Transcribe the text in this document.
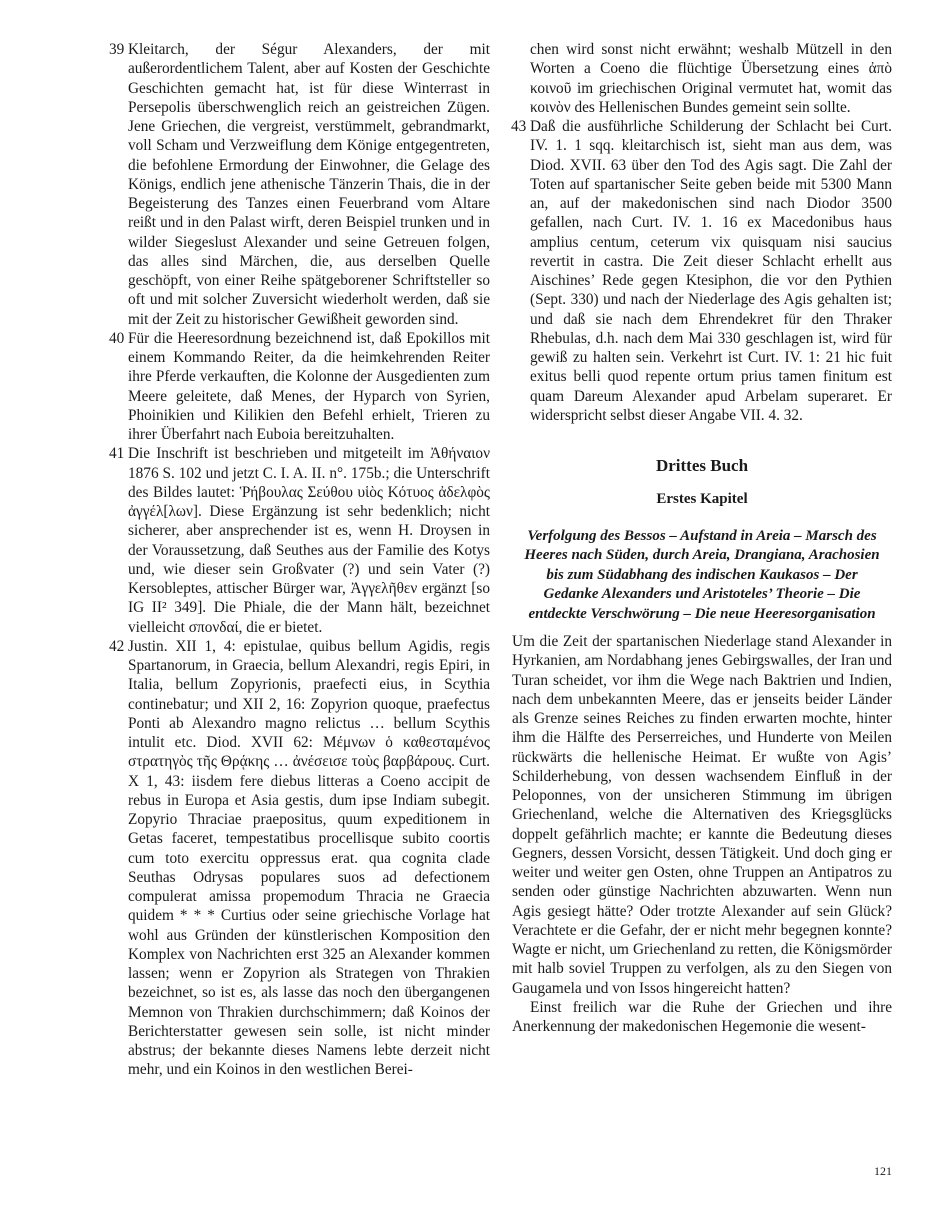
39 Kleitarch, der Ségur Alexanders, der mit außerordentlichem Talent, aber auf Kosten der Geschichte Geschichten gemacht hat, ist für diese Winterrast in Persepolis überschwenglich reich an geistreichen Zügen. Jene Griechen, die vergreist, verstümmelt, gebrandmarkt, voll Scham und Verzweiflung dem Könige entgegentreten, die befohlene Ermordung der Einwohner, die Gelage des Königs, endlich jene athenische Tänzerin Thais, die in der Begeisterung des Tanzes einen Feuerbrand vom Altare reißt und in den Palast wirft, deren Beispiel trunken und in wilder Siegeslust Alexander und seine Getreuen folgen, das alles sind Märchen, die, aus derselben Quelle geschöpft, von einer Reihe spätgeborener Schriftsteller so oft und mit solcher Zuversicht wiederholt werden, daß sie mit der Zeit zu historischer Gewißheit geworden sind.

40 Für die Heeresordnung bezeichnend ist, daß Epokillos mit einem Kommando Reiter, da die heimkehrenden Reiter ihre Pferde verkauften, die Kolonne der Ausgedienten zum Meere geleitete, daß Menes, der Hyparch von Syrien, Phoinikien und Kilikien den Befehl erhielt, Trieren zu ihrer Überfahrt nach Euboia bereitzuhalten.

41 Die Inschrift ist beschrieben und mitgeteilt im Ἀθήναιον 1876 S. 102 und jetzt C. I. A. II. n°. 175b.; die Unterschrift des Bildes lautet: Ῥήβουλας Σεύθου υἱὸς Κότυος ἀδελφὸς ἀγγέλ[λων]. Diese Ergänzung ist sehr bedenklich; nicht sicherer, aber ansprechender ist es, wenn H. Droysen in der Voraussetzung, daß Seuthes aus der Familie des Kotys und, wie dieser sein Großvater (?) und sein Vater (?) Kersobleptes, attischer Bürger war, Ἀγγελῆθεν ergänzt [so IG II² 349]. Die Phiale, die der Mann hält, bezeichnet vielleicht σπονδαί, die er bietet.

42 Justin. XII 1, 4: epistulae, quibus bellum Agidis, regis Spartanorum, in Graecia, bellum Alexandri, regis Epiri, in Italia, bellum Zopyrionis, praefecti eius, in Scythia continebatur; und XII 2, 16: Zopyrion quoque, praefectus Ponti ab Alexandro magno relictus … bellum Scythis intulit etc. Diod. XVII 62: Μέμνων ὁ καθεσταμένος στρατηγὸς τῆς Θρᾴκης … ἀνέσεισε τοὺς βαρβάρους. Curt. X 1, 43: iisdem fere diebus litteras a Coeno accipit de rebus in Europa et Asia gestis, dum ipse Indiam subegit. Zopyrio Thraciae praepositus, quum expeditionem in Getas faceret, tempestatibus procellisque subito coortis cum toto exercitu oppressus erat. qua cognita clade Seuthas Odrysas populares suos ad defectionem compulerat amissa propemodum Thracia ne Graecia quidem * * * Curtius oder seine griechische Vorlage hat wohl aus Gründen der künstlerischen Komposition den Komplex von Nachrichten erst 325 an Alexander kommen lassen; wenn er Zopyrion als Strategen von Thrakien bezeichnet, so ist es, als lasse das noch den übergangenen Memnon von Thrakien durchschimmern; daß Koinos der Berichterstatter gewesen sein solle, ist nicht minder abstrus; der bekannte dieses Namens lebte derzeit nicht mehr, und ein Koinos in den westlichen Berei-

chen wird sonst nicht erwähnt; weshalb Mützell in den Worten a Coeno die flüchtige Übersetzung eines ἀπὸ κοινοῦ im griechischen Original vermutet hat, womit das κοινὸν des Hellenischen Bundes gemeint sein sollte.

43 Daß die ausführliche Schilderung der Schlacht bei Curt. IV. 1. 1 sqq. kleitarchisch ist, sieht man aus dem, was Diod. XVII. 63 über den Tod des Agis sagt. Die Zahl der Toten auf spartanischer Seite geben beide mit 5300 Mann an, auf der makedonischen sind nach Diodor 3500 gefallen, nach Curt. IV. 1. 16 ex Macedonibus haus amplius centum, ceterum vix quisquam nisi saucius revertit in castra. Die Zeit dieser Schlacht erhellt aus Aischines’ Rede gegen Ktesiphon, die vor den Pythien (Sept. 330) und nach der Niederlage des Agis gehalten ist; und daß sie nach dem Ehrendekret für den Thraker Rhebulas, d.h. nach dem Mai 330 geschlagen ist, wird für gewiß zu halten sein. Verkehrt ist Curt. IV. 1: 21 hic fuit exitus belli quod repente ortum prius tamen finitum est quam Dareum Alexander apud Arbelam superaret. Er widerspricht selbst dieser Angabe VII. 4. 32.

Drittes Buch
Erstes Kapitel
Verfolgung des Bessos – Aufstand in Areia – Marsch des Heeres nach Süden, durch Areia, Drangiana, Arachosien bis zum Südabhang des indischen Kaukasos – Der Gedanke Alexanders und Aristoteles’ Theorie – Die entdeckte Verschwörung – Die neue Heeresorganisation

Um die Zeit der spartanischen Niederlage stand Alexander in Hyrkanien, am Nordabhang jenes Gebirgswalles, der Iran und Turan scheidet, vor ihm die Wege nach Baktrien und Indien, nach dem unbekannten Meere, das er jenseits beider Länder als Grenze seines Reiches zu finden erwarten mochte, hinter ihm die Hälfte des Perserreiches, und Hunderte von Meilen rückwärts die hellenische Heimat. Er wußte von Agis’ Schilderhebung, von dessen wachsendem Einfluß in der Peloponnes, von der unsicheren Stimmung im übrigen Griechenland, welche die Alternativen des Kriegsglücks doppelt gefährlich machte; er kannte die Bedeutung dieses Gegners, dessen Vorsicht, dessen Tätigkeit. Und doch ging er weiter und weiter gen Osten, ohne Truppen an Antipatros zu senden oder günstige Nachrichten abzuwarten. Wenn nun Agis gesiegt hätte? Oder trotzte Alexander auf sein Glück? Verachtete er die Gefahr, der er nicht mehr begegnen konnte? Wagte er nicht, um Griechenland zu retten, die Königsmörder mit halb soviel Truppen zu verfolgen, als zu den Siegen von Gaugamela und von Issos hingereicht hatten?

Einst freilich war die Ruhe der Griechen und ihre Anerkennung der makedonischen Hegemonie die wesent-

121
